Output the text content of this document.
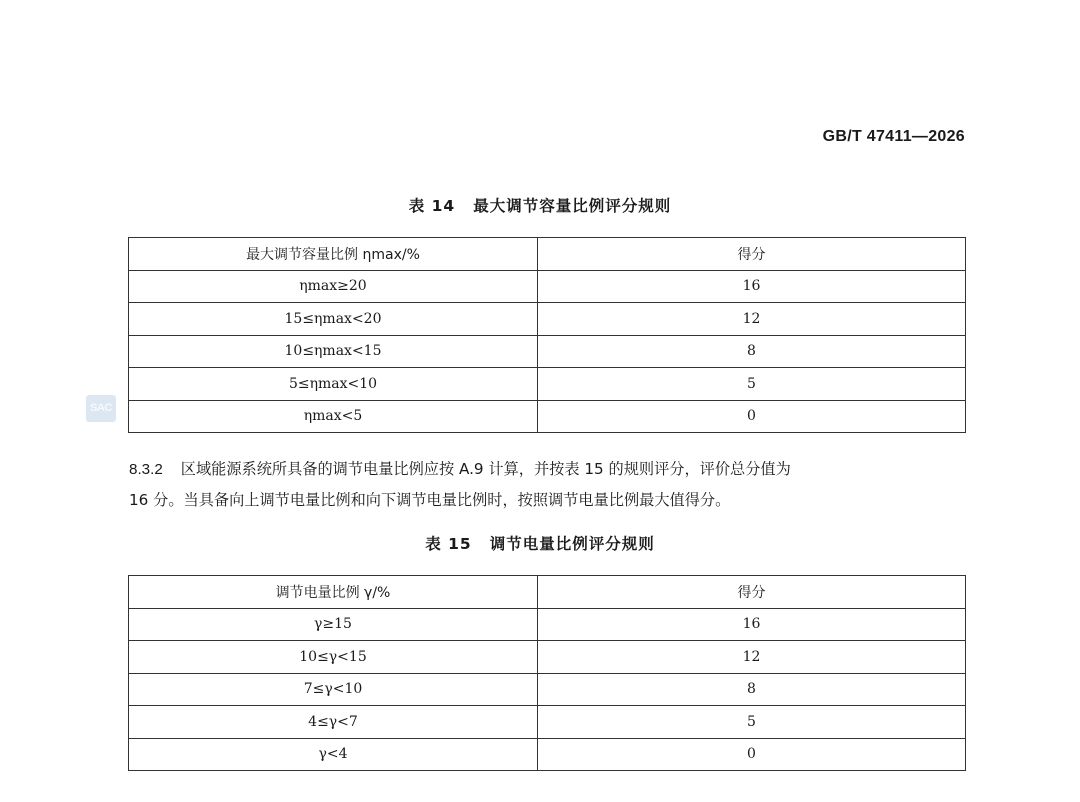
GB/T 47411—2026
SAC
表 14 最大调节容量比例评分规则
最大调节容量比例 ηmax/%	得分
ηmax≥20	16
15≤ηmax<20	12
10≤ηmax<15	8
5≤ηmax<10	5
ηmax<5	0
8.3.2 区域能源系统所具备的调节电量比例应按 A.9 计算，并按表 15 的规则评分，评价总分值为
16 分。当具备向上调节电量比例和向下调节电量比例时，按照调节电量比例最大值得分。
表 15 调节电量比例评分规则
调节电量比例 γ/%	得分
γ≥15	16
10≤γ<15	12
7≤γ<10	8
4≤γ<7	5
γ<4	0
